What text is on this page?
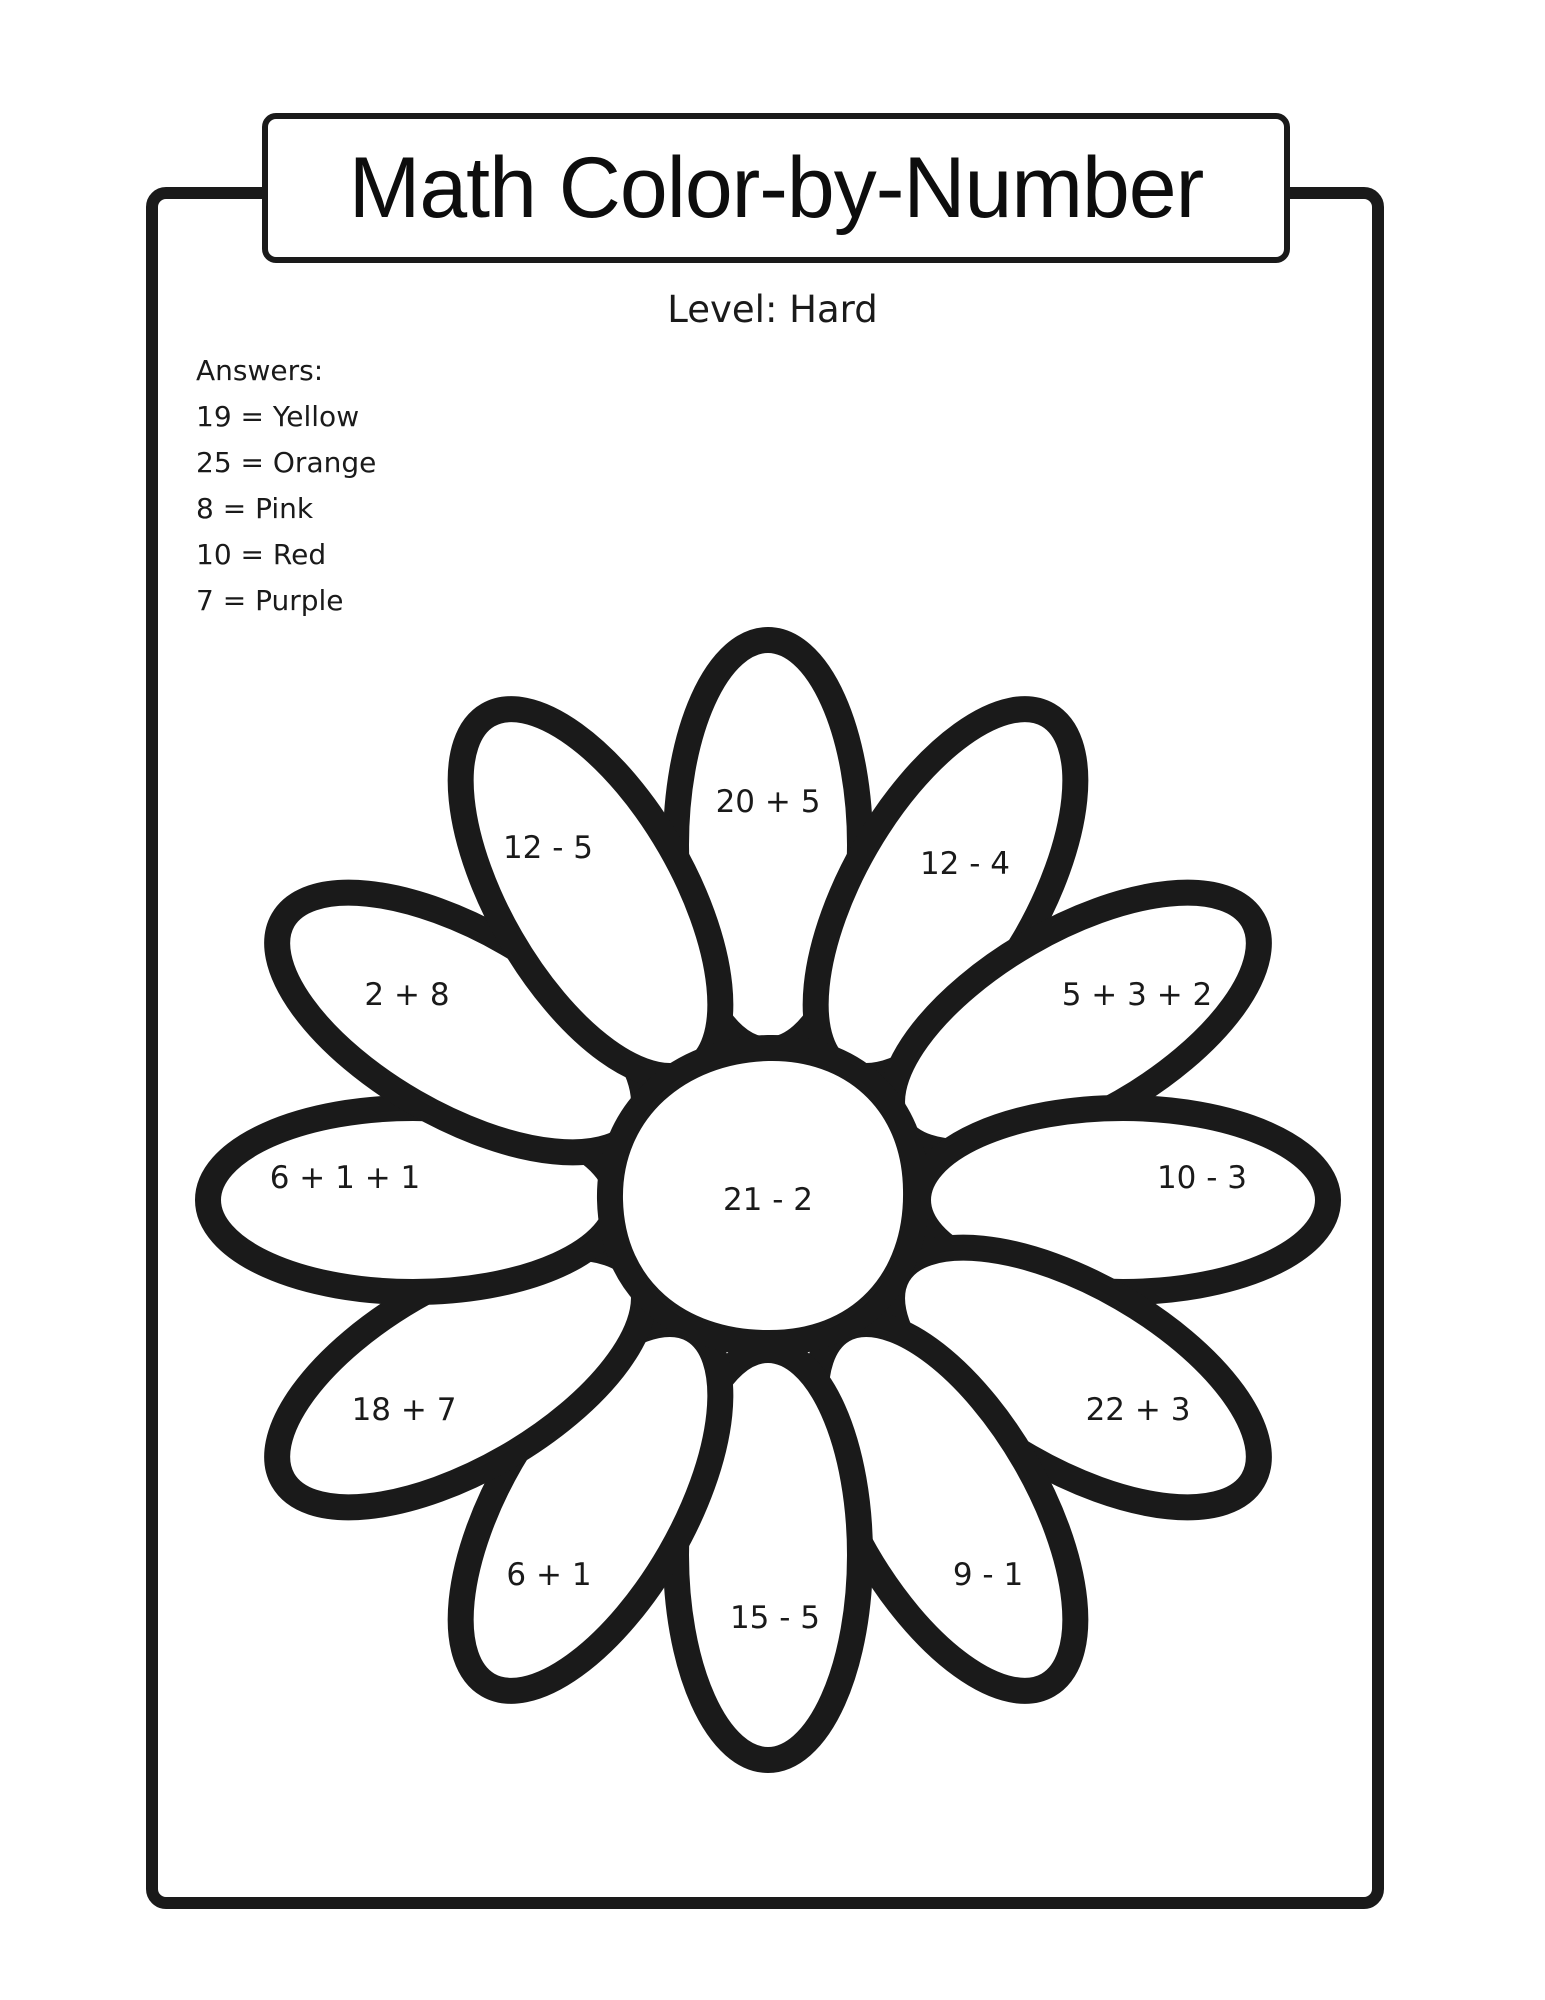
Math Color-by-Number
Level: Hard
Answers:
19 = Yellow
25 = Orange
8 = Pink
10 = Red
7 = Purple
21 - 2
20 + 5
12 - 4
5 + 3 + 2
10 - 3
22 + 3
9 - 1
15 - 5
6 + 1
18 + 7
6 + 1 + 1
2 + 8
12 - 5
